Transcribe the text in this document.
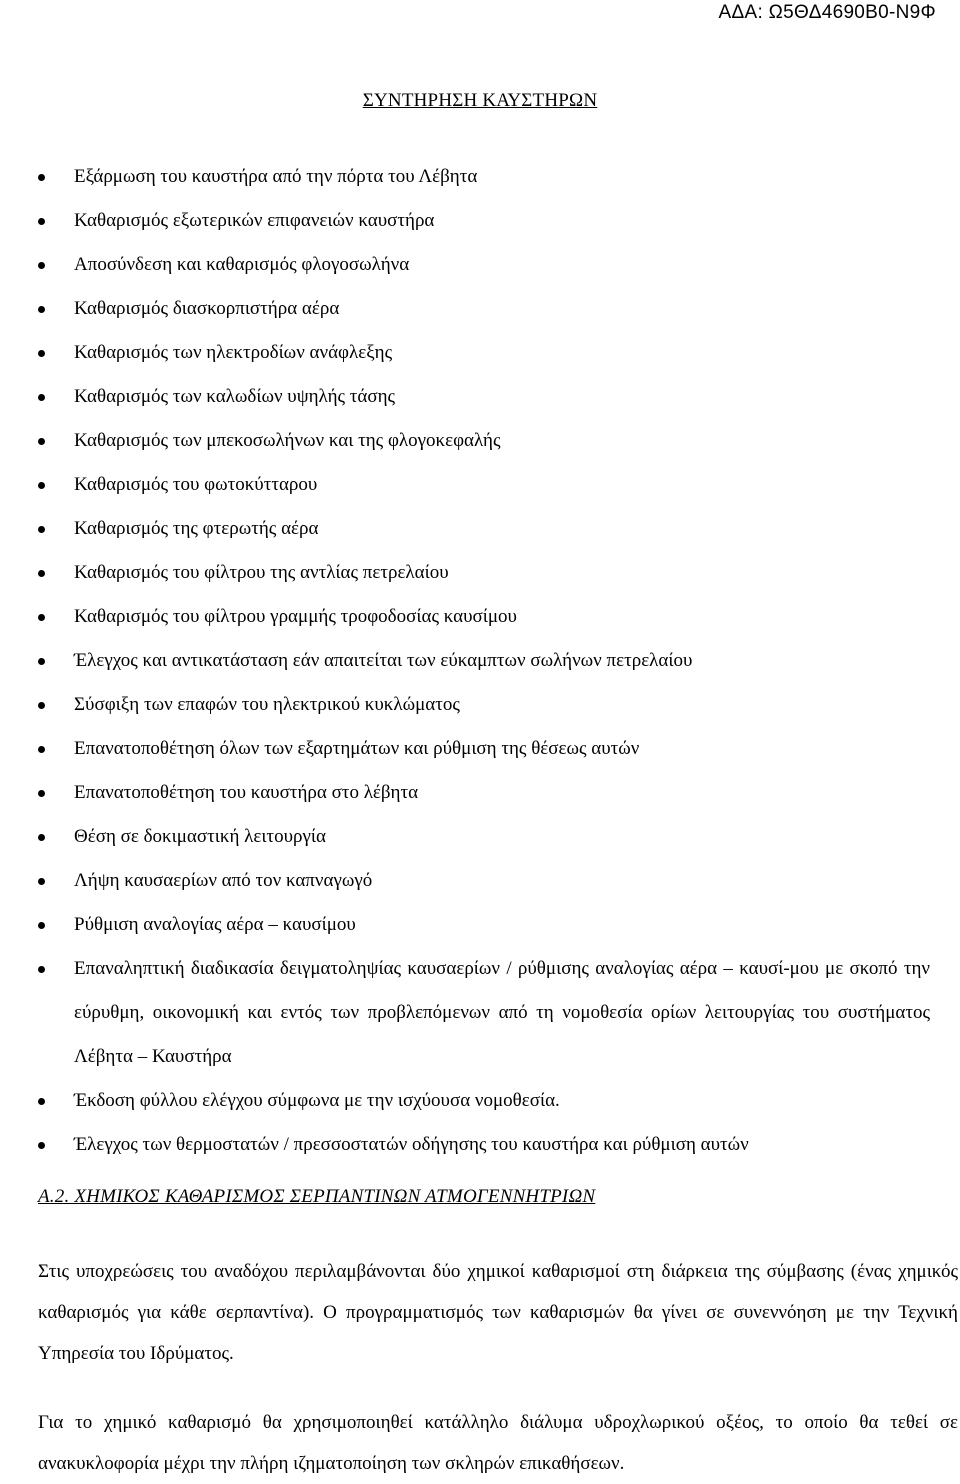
ΑΔΑ: Ω5ΘΔ4690Β0-Ν9Φ
ΣΥΝΤΗΡΗΣΗ ΚΑΥΣΤΗΡΩΝ
Εξάρμωση του καυστήρα από την πόρτα του Λέβητα
Καθαρισμός εξωτερικών επιφανειών καυστήρα
Αποσύνδεση και καθαρισμός φλογοσωλήνα
Καθαρισμός διασκορπιστήρα αέρα
Καθαρισμός των ηλεκτροδίων ανάφλεξης
Καθαρισμός των καλωδίων υψηλής τάσης
Καθαρισμός των μπεκοσωλήνων και της φλογοκεφαλής
Καθαρισμός του φωτοκύτταρου
Καθαρισμός της φτερωτής αέρα
Καθαρισμός του φίλτρου της αντλίας πετρελαίου
Καθαρισμός του φίλτρου γραμμής τροφοδοσίας καυσίμου
Έλεγχος και αντικατάσταση εάν απαιτείται των εύκαμπτων σωλήνων πετρελαίου
Σύσφιξη των επαφών του ηλεκτρικού κυκλώματος
Επανατοποθέτηση όλων των εξαρτημάτων και ρύθμιση της θέσεως αυτών
Επανατοποθέτηση του καυστήρα στο λέβητα
Θέση σε δοκιμαστική λειτουργία
Λήψη καυσαερίων από τον καπναγωγό
Ρύθμιση αναλογίας αέρα – καυσίμου
Επαναληπτική διαδικασία δειγματοληψίας καυσαερίων / ρύθμισης αναλογίας αέρα – καυσί-μου με σκοπό την εύρυθμη, οικονομική και εντός των προβλεπόμενων από τη νομοθεσία ορίων λειτουργίας του συστήματος Λέβητα – Καυστήρα
Έκδοση φύλλου ελέγχου σύμφωνα με την ισχύουσα νομοθεσία.
Έλεγχος των θερμοστατών / πρεσσοστατών οδήγησης του καυστήρα και ρύθμιση αυτών
Α.2. ΧΗΜΙΚΟΣ ΚΑΘΑΡΙΣΜΟΣ ΣΕΡΠΑΝΤΙΝΩΝ ΑΤΜΟΓΕΝΝΗΤΡΙΩΝ

Στις υποχρεώσεις του αναδόχου περιλαμβάνονται δύο χημικοί καθαρισμοί στη διάρκεια της σύμβασης (ένας χημικός καθαρισμός για κάθε σερπαντίνα). Ο προγραμματισμός των καθαρισμών θα γίνει σε συνεννόηση με την Τεχνική Υπηρεσία του Ιδρύματος.

Για το χημικό καθαρισμό θα χρησιμοποιηθεί κατάλληλο διάλυμα υδροχλωρικού οξέος, το οποίο θα τεθεί σε ανακυκλοφορία μέχρι την πλήρη ιζηματοποίηση των σκληρών επικαθήσεων.
